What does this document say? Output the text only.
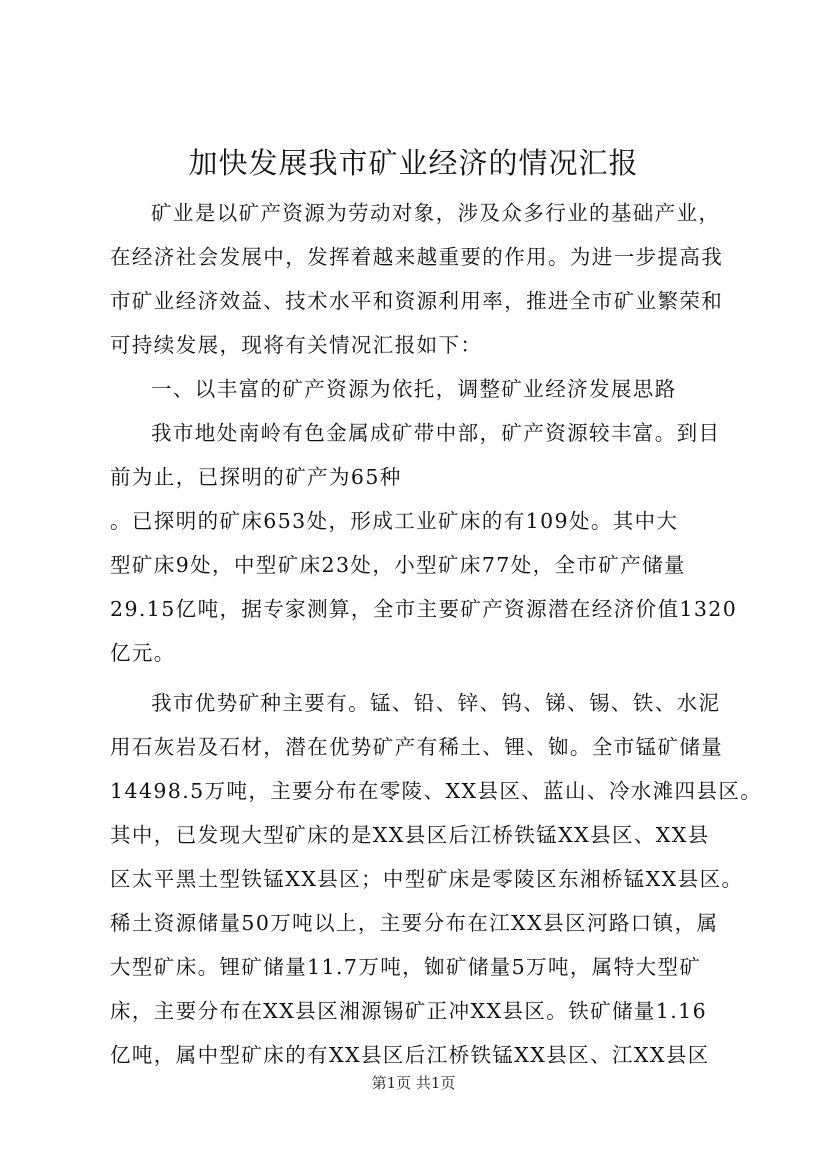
加快发展我市矿业经济的情况汇报
矿业是以矿产资源为劳动对象，涉及众多行业的基础产业，
在经济社会发展中，发挥着越来越重要的作用。为进一步提高我
市矿业经济效益、技术水平和资源利用率，推进全市矿业繁荣和
可持续发展，现将有关情况汇报如下：
一、以丰富的矿产资源为依托，调整矿业经济发展思路
我市地处南岭有色金属成矿带中部，矿产资源较丰富。到目
前为止，已探明的矿产为65种
。已探明的矿床653处，形成工业矿床的有109处。其中大
型矿床9处，中型矿床23处，小型矿床77处，全市矿产储量
29.15亿吨，据专家测算，全市主要矿产资源潜在经济价值1320
亿元。
我市优势矿种主要有。锰、铅、锌、钨、锑、锡、铁、水泥
用石灰岩及石材，潜在优势矿产有稀土、锂、铷。全市锰矿储量
14498.5万吨，主要分布在零陵、XX县区、蓝山、冷水滩四县区。
其中，已发现大型矿床的是XX县区后江桥铁锰XX县区、XX县
区太平黑土型铁锰XX县区；中型矿床是零陵区东湘桥锰XX县区。
稀土资源储量50万吨以上，主要分布在江XX县区河路口镇，属
大型矿床。锂矿储量11.7万吨，铷矿储量5万吨，属特大型矿
床，主要分布在XX县区湘源锡矿正冲XX县区。铁矿储量1.16
亿吨，属中型矿床的有XX县区后江桥铁锰XX县区、江XX县区
第1页 共1页
